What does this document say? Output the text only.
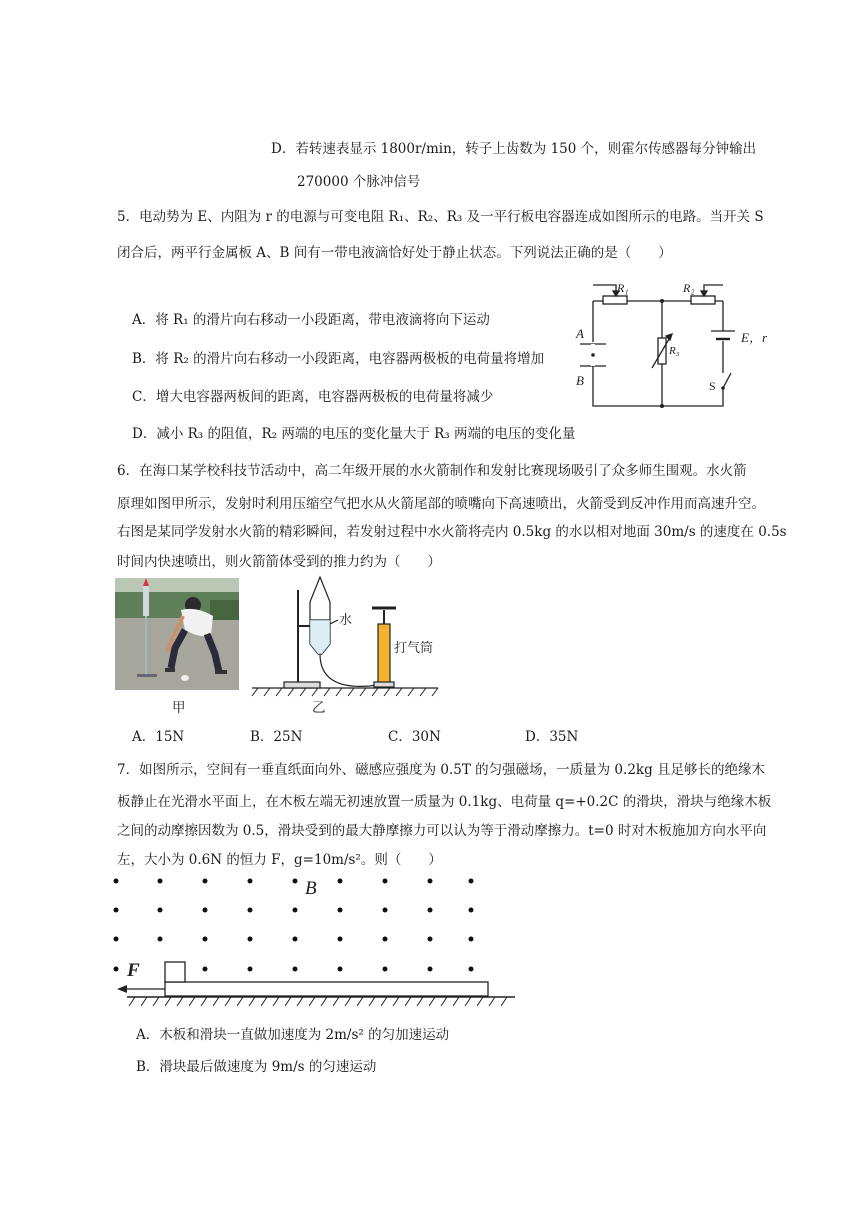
D．若转速表显示 1800r/min，转子上齿数为 150 个，则霍尔传感器每分钟输出
270000 个脉冲信号
5．电动势为 E、内阻为 r 的电源与可变电阻 R₁、R₂、R₃ 及一平行板电容器连成如图所示的电路。当开关 S
闭合后，两平行金属板 A、B 间有一带电液滴恰好处于静止状态。下列说法正确的是（　　）
A．将 R₁ 的滑片向右移动一小段距离，带电液滴将向下运动
B．将 R₂ 的滑片向右移动一小段距离，电容器两极板的电荷量将增加
C．增大电容器两板间的距离，电容器两极板的电荷量将减少
D．减小 R₃ 的阻值，R₂ 两端的电压的变化量大于 R₃ 两端的电压的变化量
R₁	R₂
R₃
A
B
E，r
S
6．在海口某学校科技节活动中，高二年级开展的水火箭制作和发射比赛现场吸引了众多师生围观。水火箭
原理如图甲所示，发射时利用压缩空气把水从火箭尾部的喷嘴向下高速喷出，火箭受到反冲作用而高速升空。
右图是某同学发射水火箭的精彩瞬间，若发射过程中水火箭将壳内 0.5kg 的水以相对地面 30m/s 的速度在 0.5s
时间内快速喷出，则火箭箭体受到的推力约为（　　）
甲
水
打气筒
乙
A．15N	B．25N	C．30N	D．35N
7．如图所示，空间有一垂直纸面向外、磁感应强度为 0.5T 的匀强磁场，一质量为 0.2kg 且足够长的绝缘木
板静止在光滑水平面上，在木板左端无初速放置一质量为 0.1kg、电荷量 q=+0.2C 的滑块，滑块与绝缘木板
之间的动摩擦因数为 0.5，滑块受到的最大静摩擦力可以认为等于滑动摩擦力。t=0 时对木板施加方向水平向
左，大小为 0.6N 的恒力 F，g=10m/s²。则（　　）
B
F
A．木板和滑块一直做加速度为 2m/s² 的匀加速运动
B．滑块最后做速度为 9m/s 的匀速运动
